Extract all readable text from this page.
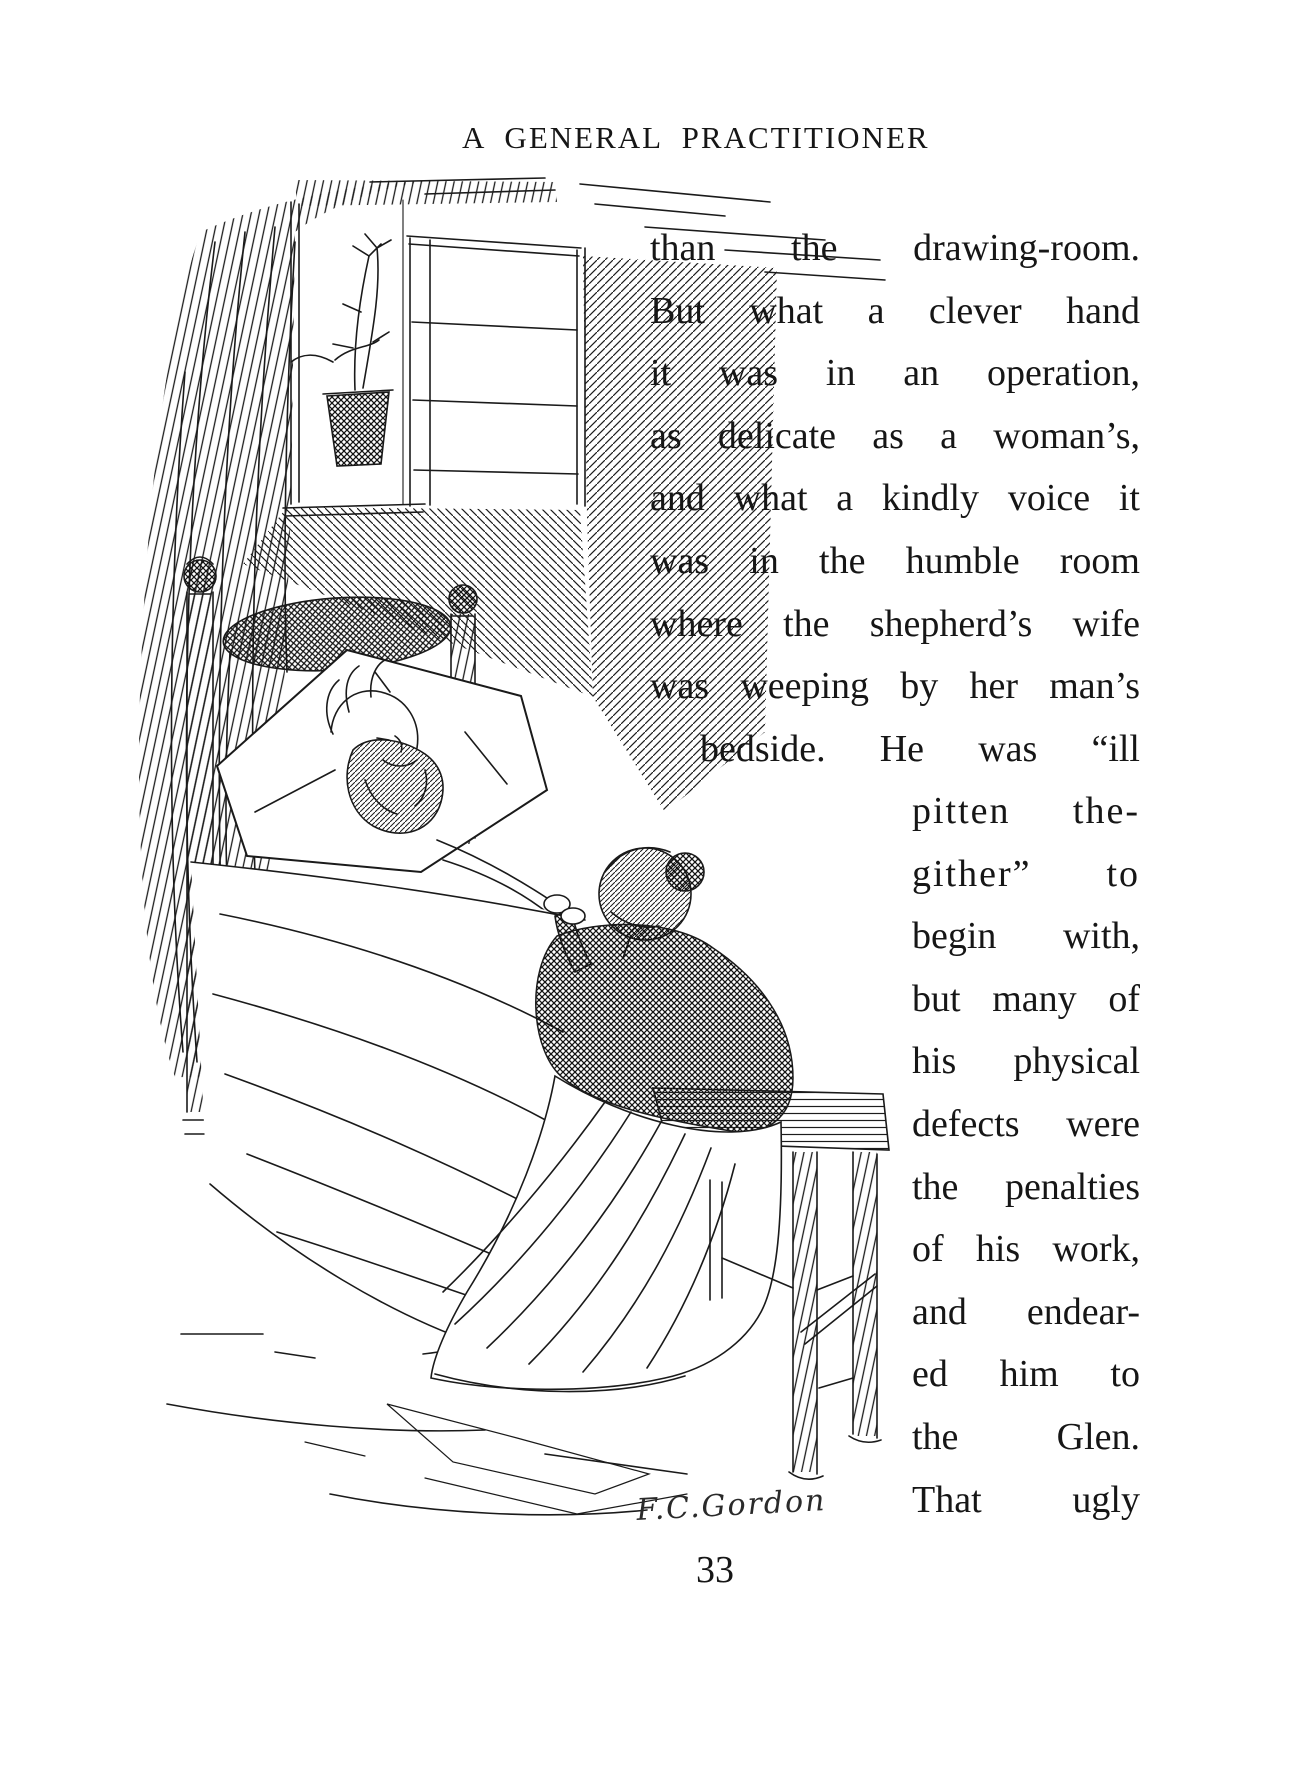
A GENERAL PRACTITIONER
F.C.Gordon
than the drawing-room.
But what a clever hand
it was in an operation,
as delicate as a woman’s,
and what a kindly voice it
was in the humble room
where the shepherd’s wife
was weeping by her man’s
bedside. He was “ill
pitten the-
gither” to
begin with,
but many of
his physical
defects were
the penalties
of his work,
and endear-
ed him to
the Glen.
That ugly
33
